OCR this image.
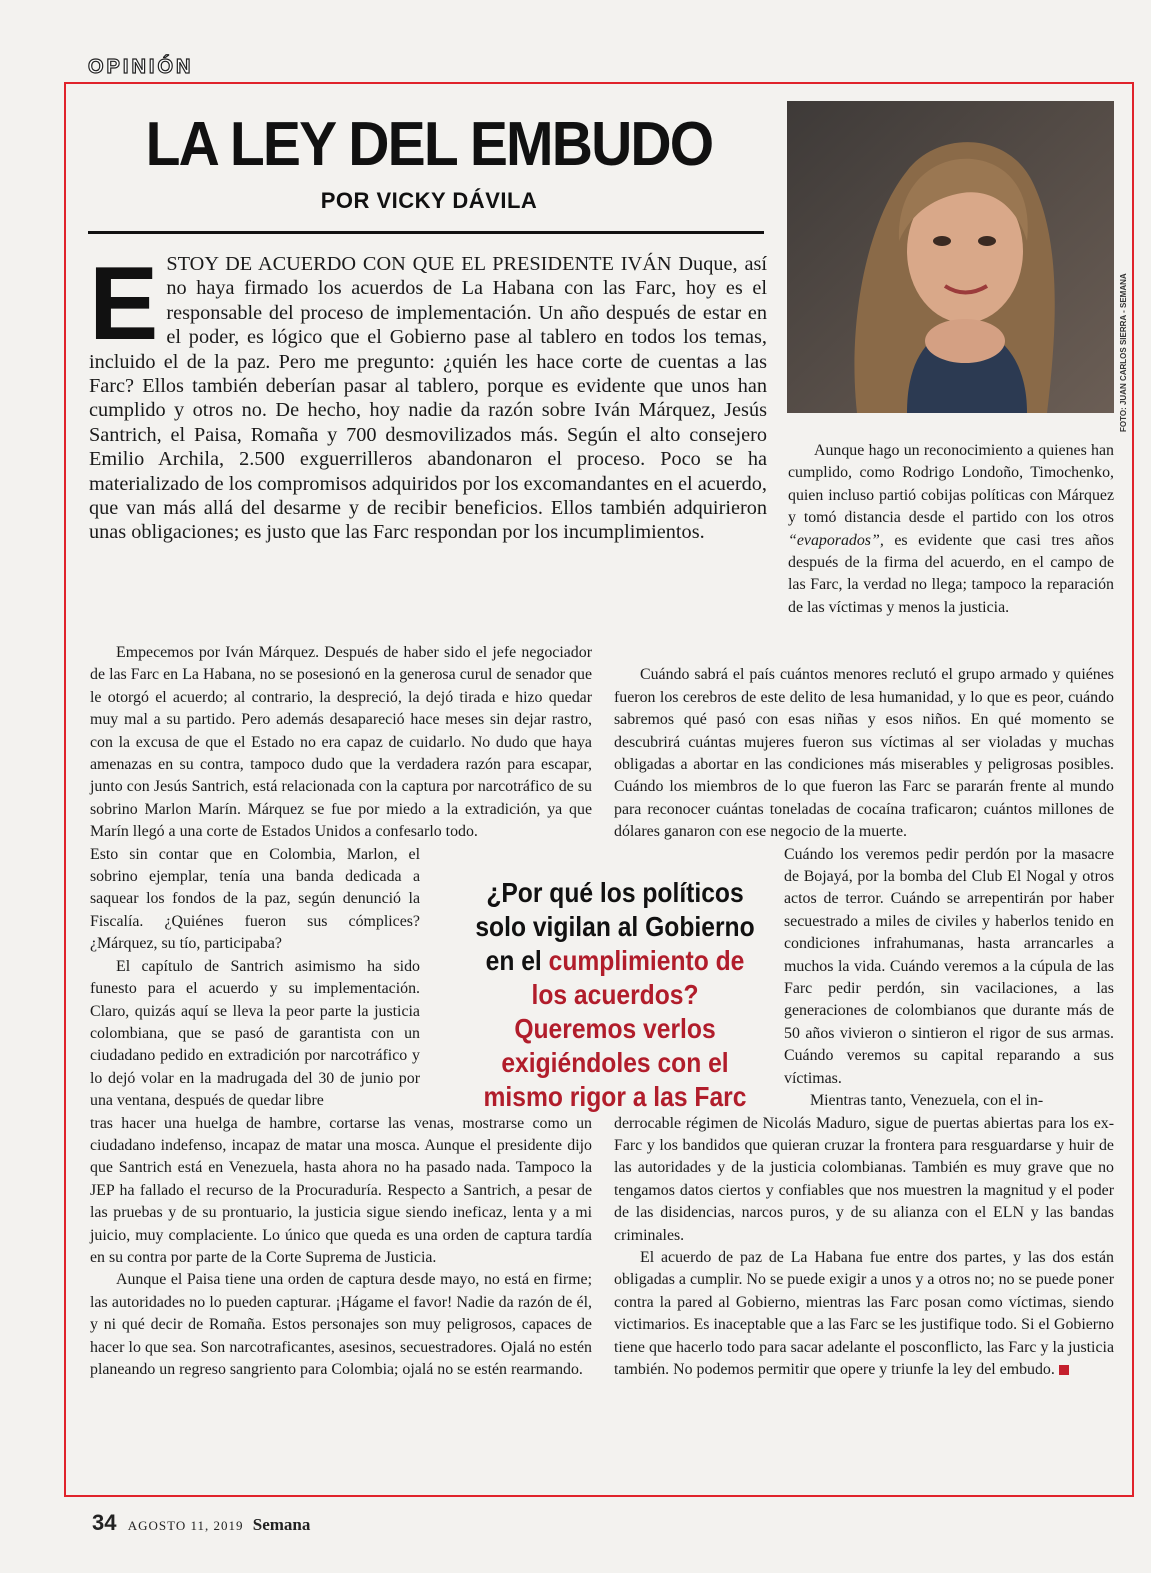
OPINIÓN
LA LEY DEL EMBUDO
POR VICKY DÁVILA
FOTO: JUAN CARLOS SIERRA - SEMANA
ESTOY DE ACUERDO CON QUE EL PRESIDENTE IVÁN Duque, así no haya firmado los acuerdos de La Habana con las Farc, hoy es el responsable del proceso de implementación. Un año después de estar en el poder, es lógico que el Gobierno pase al tablero en todos los temas, incluido el de la paz. Pero me pregunto: ¿quién les hace corte de cuentas a las Farc? Ellos también deberían pasar al tablero, porque es evidente que unos han cumplido y otros no. De hecho, hoy nadie da razón sobre Iván Márquez, Jesús Santrich, el Paisa, Romaña y 700 desmovilizados más. Según el alto consejero Emilio Archila, 2.500 exguerrilleros abandonaron el proceso. Poco se ha materializado de los compromisos adquiridos por los excomandantes en el acuerdo, que van más allá del desarme y de recibir beneficios. Ellos también adquirieron unas obligaciones; es justo que las Farc respondan por los incumplimientos.

Aunque hago un reconocimiento a quienes han cumplido, como Rodrigo Londoño, Timochenko, quien incluso partió cobijas políticas con Márquez y tomó distancia desde el partido con los otros “evaporados”, es evidente que casi tres años después de la firma del acuerdo, en el campo de las Farc, la verdad no llega; tampoco la reparación de las víctimas y menos la justicia.

Empecemos por Iván Márquez. Después de haber sido el jefe negociador de las Farc en La Habana, no se posesionó en la generosa curul de senador que le otorgó el acuerdo; al contrario, la despreció, la dejó tirada e hizo quedar muy mal a su partido. Pero además desapareció hace meses sin dejar rastro, con la excusa de que el Estado no era capaz de cuidarlo. No dudo que haya amenazas en su contra, tampoco dudo que la verdadera razón para escapar, junto con Jesús Santrich, está relacionada con la captura por narcotráfico de su sobrino Marlon Marín. Márquez se fue por miedo a la extradición, ya que Marín llegó a una corte de Estados Unidos a confesarlo todo.

Esto sin contar que en Colombia, Marlon, el sobrino ejemplar, tenía una banda dedicada a saquear los fondos de la paz, según denunció la Fiscalía. ¿Quiénes fueron sus cómplices? ¿Márquez, su tío, participaba?

El capítulo de Santrich asimismo ha sido funesto para el acuerdo y su implementación. Claro, quizás aquí se lleva la peor parte la justicia colombiana, que se pasó de garantista con un ciudadano pedido en extradición por narcotráfico y lo dejó volar en la madrugada del 30 de junio por una ventana, después de quedar libre

tras hacer una huelga de hambre, cortarse las venas, mostrarse como un ciudadano indefenso, incapaz de matar una mosca. Aunque el presidente dijo que Santrich está en Venezuela, hasta ahora no ha pasado nada. Tampoco la JEP ha fallado el recurso de la Procuraduría. Respecto a Santrich, a pesar de las pruebas y de su prontuario, la justicia sigue siendo ineficaz, lenta y a mi juicio, muy complaciente. Lo único que queda es una orden de captura tardía en su contra por parte de la Corte Suprema de Justicia.

Aunque el Paisa tiene una orden de captura desde mayo, no está en firme; las autoridades no lo pueden capturar. ¡Hágame el favor! Nadie da razón de él, y ni qué decir de Romaña. Estos personajes son muy peligrosos, capaces de hacer lo que sea. Son narcotraficantes, asesinos, secuestradores. Ojalá no estén planeando un regreso sangriento para Colombia; ojalá no se estén rearmando.

Cuándo sabrá el país cuántos menores reclutó el grupo armado y quiénes fueron los cerebros de este delito de lesa humanidad, y lo que es peor, cuándo sabremos qué pasó con esas niñas y esos niños. En qué momento se descubrirá cuántas mujeres fueron sus víctimas al ser violadas y muchas obligadas a abortar en las condiciones más miserables y peligrosas posibles. Cuándo los miembros de lo que fueron las Farc se pararán frente al mundo para reconocer cuántas toneladas de cocaína traficaron; cuántos millones de dólares ganaron con ese negocio de la muerte.

Cuándo los veremos pedir perdón por la masacre de Bojayá, por la bomba del Club El Nogal y otros actos de terror. Cuándo se arrepentirán por haber secuestrado a miles de civiles y haberlos tenido en condiciones infrahumanas, hasta arrancarles a muchos la vida. Cuándo veremos a la cúpula de las Farc pedir perdón, sin vacilaciones, a las generaciones de colombianos que durante más de 50 años vivieron o sintieron el rigor de sus armas. Cuándo veremos su capital reparando a sus víctimas.

Mientras tanto, Venezuela, con el in-

derrocable régimen de Nicolás Maduro, sigue de puertas abiertas para los ex-Farc y los bandidos que quieran cruzar la frontera para resguardarse y huir de las autoridades y de la justicia colombianas. También es muy grave que no tengamos datos ciertos y confiables que nos muestren la magnitud y el poder de las disidencias, narcos puros, y de su alianza con el ELN y las bandas criminales.

El acuerdo de paz de La Habana fue entre dos partes, y las dos están obligadas a cumplir. No se puede exigir a unos y a otros no; no se puede poner contra la pared al Gobierno, mientras las Farc posan como víctimas, siendo victimarios. Es inaceptable que a las Farc se les justifique todo. Si el Gobierno tiene que hacerlo todo para sacar adelante el posconflicto, las Farc y la justicia también. No podemos permitir que opere y triunfe la ley del embudo.

¿Por qué los políticos solo vigilan al Gobierno en el cumplimiento de los acuerdos? Queremos verlos exigiéndoles con el mismo rigor a las Farc
34 AGOSTO 11, 2019 Semana
